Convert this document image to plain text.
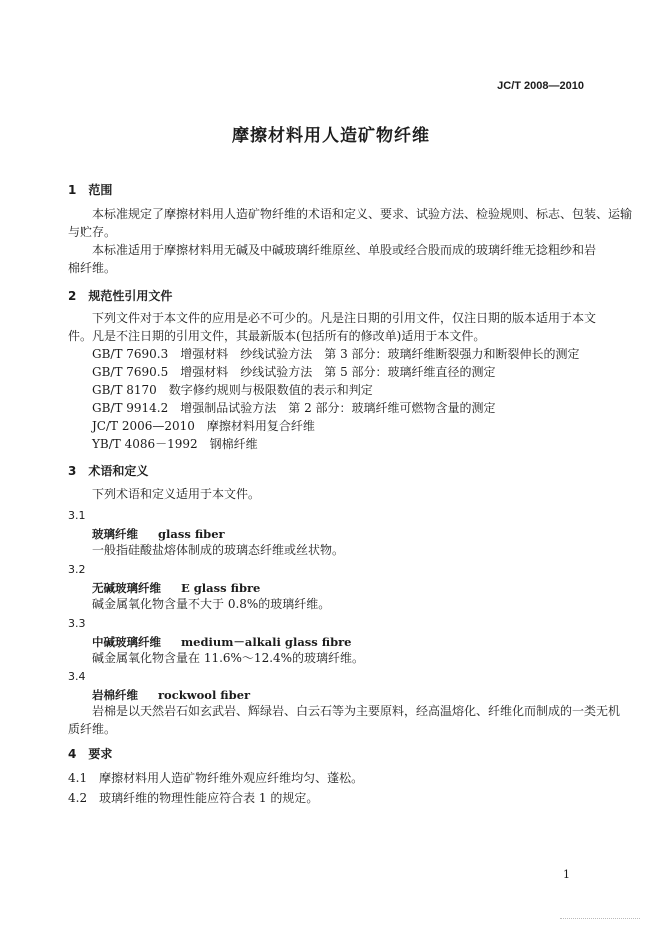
JC/T 2008—2010
摩擦材料用人造矿物纤维
1　范围
本标准规定了摩擦材料用人造矿物纤维的术语和定义、要求、试验方法、检验规则、标志、包装、运输
与贮存。
本标准适用于摩擦材料用无碱及中碱玻璃纤维原丝、单股或经合股而成的玻璃纤维无捻粗纱和岩
棉纤维。
2　规范性引用文件
下列文件对于本文件的应用是必不可少的。凡是注日期的引用文件，仅注日期的版本适用于本文
件。凡是不注日期的引用文件，其最新版本(包括所有的修改单)适用于本文件。
GB/T 7690.3　增强材料　纱线试验方法　第 3 部分：玻璃纤维断裂强力和断裂伸长的测定
GB/T 7690.5　增强材料　纱线试验方法　第 5 部分：玻璃纤维直径的测定
GB/T 8170　数字修约规则与极限数值的表示和判定
GB/T 9914.2　增强制品试验方法　第 2 部分：玻璃纤维可燃物含量的测定
JC/T 2006—2010　摩擦材料用复合纤维
YB/T 4086－1992　钢棉纤维
3　术语和定义
下列术语和定义适用于本文件。
3.1
玻璃纤维 glass fiber
一般指硅酸盐熔体制成的玻璃态纤维或丝状物。
3.2
无碱玻璃纤维 E glass fibre
碱金属氧化物含量不大于 0.8%的玻璃纤维。
3.3
中碱玻璃纤维 medium－alkali glass fibre
碱金属氧化物含量在 11.6%～12.4%的玻璃纤维。
3.4
岩棉纤维 rockwool fiber
岩棉是以天然岩石如玄武岩、辉绿岩、白云石等为主要原料，经高温熔化、纤维化而制成的一类无机
质纤维。
4　要求
4.1　摩擦材料用人造矿物纤维外观应纤维均匀、蓬松。
4.2　玻璃纤维的物理性能应符合表 1 的规定。
1
